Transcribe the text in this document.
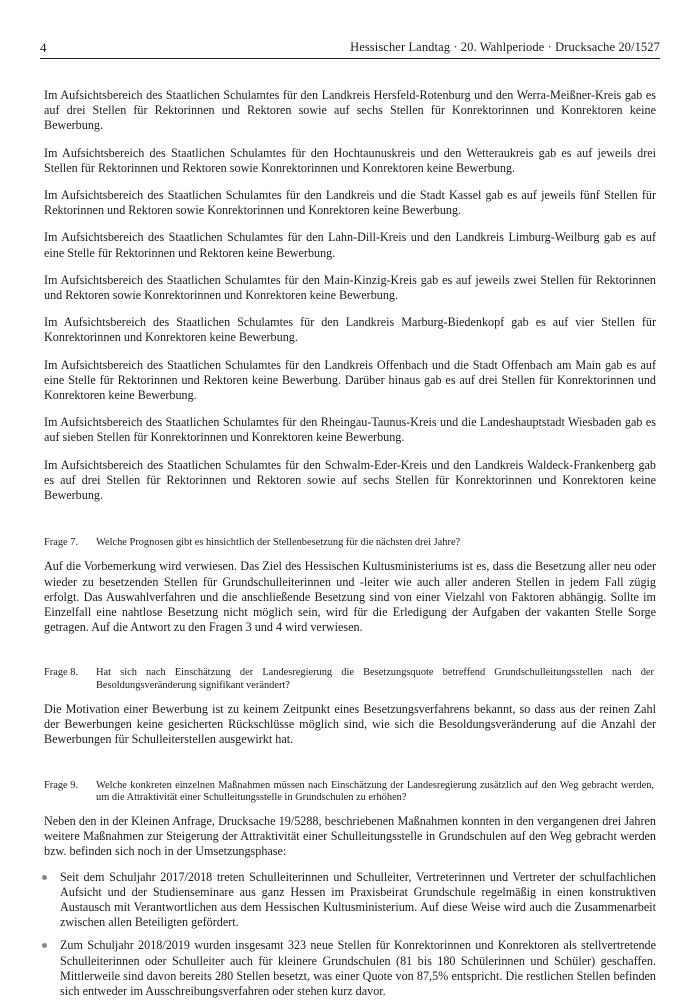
4	Hessischer Landtag · 20. Wahlperiode · Drucksache 20/1527

Im Aufsichtsbereich des Staatlichen Schulamtes für den Landkreis Hersfeld-Rotenburg und den Werra-Meißner-Kreis gab es auf drei Stellen für Rektorinnen und Rektoren sowie auf sechs Stellen für Konrektorinnen und Konrektoren keine Bewerbung.

Im Aufsichtsbereich des Staatlichen Schulamtes für den Hochtaunuskreis und den Wetteraukreis gab es auf jeweils drei Stellen für Rektorinnen und Rektoren sowie Konrektorinnen und Konrektoren keine Bewerbung.

Im Aufsichtsbereich des Staatlichen Schulamtes für den Landkreis und die Stadt Kassel gab es auf jeweils fünf Stellen für Rektorinnen und Rektoren sowie Konrektorinnen und Konrektoren keine Bewerbung.

Im Aufsichtsbereich des Staatlichen Schulamtes für den Lahn-Dill-Kreis und den Landkreis Limburg-Weilburg gab es auf eine Stelle für Rektorinnen und Rektoren keine Bewerbung.

Im Aufsichtsbereich des Staatlichen Schulamtes für den Main-Kinzig-Kreis gab es auf jeweils zwei Stellen für Rektorinnen und Rektoren sowie Konrektorinnen und Konrektoren keine Bewerbung.

Im Aufsichtsbereich des Staatlichen Schulamtes für den Landkreis Marburg-Biedenkopf gab es auf vier Stellen für Konrektorinnen und Konrektoren keine Bewerbung.

Im Aufsichtsbereich des Staatlichen Schulamtes für den Landkreis Offenbach und die Stadt Offenbach am Main gab es auf eine Stelle für Rektorinnen und Rektoren keine Bewerbung. Darüber hinaus gab es auf drei Stellen für Konrektorinnen und Konrektoren keine Bewerbung.

Im Aufsichtsbereich des Staatlichen Schulamtes für den Rheingau-Taunus-Kreis und die Landeshauptstadt Wiesbaden gab es auf sieben Stellen für Konrektorinnen und Konrektoren keine Bewerbung.

Im Aufsichtsbereich des Staatlichen Schulamtes für den Schwalm-Eder-Kreis und den Landkreis Waldeck-Frankenberg gab es auf drei Stellen für Rektorinnen und Rektoren sowie auf sechs Stellen für Konrektorinnen und Konrektoren keine Bewerbung.

Frage 7.	Welche Prognosen gibt es hinsichtlich der Stellenbesetzung für die nächsten drei Jahre?

Auf die Vorbemerkung wird verwiesen. Das Ziel des Hessischen Kultusministeriums ist es, dass die Besetzung aller neu oder wieder zu besetzenden Stellen für Grundschulleiterinnen und -leiter wie auch aller anderen Stellen in jedem Fall zügig erfolgt. Das Auswahlverfahren und die anschließende Besetzung sind von einer Vielzahl von Faktoren abhängig. Sollte im Einzelfall eine nahtlose Besetzung nicht möglich sein, wird für die Erledigung der Aufgaben der vakanten Stelle Sorge getragen. Auf die Antwort zu den Fragen 3 und 4 wird verwiesen.

Frage 8.	Hat sich nach Einschätzung der Landesregierung die Besetzungsquote betreffend Grundschulleitungsstellen nach der Besoldungsveränderung signifikant verändert?

Die Motivation einer Bewerbung ist zu keinem Zeitpunkt eines Besetzungsverfahrens bekannt, so dass aus der reinen Zahl der Bewerbungen keine gesicherten Rückschlüsse möglich sind, wie sich die Besoldungsveränderung auf die Anzahl der Bewerbungen für Schulleiterstellen ausgewirkt hat.

Frage 9.	Welche konkreten einzelnen Maßnahmen müssen nach Einschätzung der Landesregierung zusätzlich auf den Weg gebracht werden, um die Attraktivität einer Schulleitungsstelle in Grundschulen zu erhöhen?

Neben den in der Kleinen Anfrage, Drucksache 19/5288, beschriebenen Maßnahmen konnten in den vergangenen drei Jahren weitere Maßnahmen zur Steigerung der Attraktivität einer Schulleitungsstelle in Grundschulen auf den Weg gebracht werden bzw. befinden sich noch in der Umsetzungsphase:

Seit dem Schuljahr 2017/2018 treten Schulleiterinnen und Schulleiter, Vertreterinnen und Vertreter der schulfachlichen Aufsicht und der Studienseminare aus ganz Hessen im Praxisbeirat Grundschule regelmäßig in einen konstruktiven Austausch mit Verantwortlichen aus dem Hessischen Kultusministerium. Auf diese Weise wird auch die Zusammenarbeit zwischen allen Beteiligten gefördert.
Zum Schuljahr 2018/2019 wurden insgesamt 323 neue Stellen für Konrektorinnen und Konrektoren als stellvertretende Schulleiterinnen oder Schulleiter auch für kleinere Grundschulen (81 bis 180 Schülerinnen und Schüler) geschaffen. Mittlerweile sind davon bereits 280 Stellen besetzt, was einer Quote von 87,5% entspricht. Die restlichen Stellen befinden sich entweder im Ausschreibungsverfahren oder stehen kurz davor.
